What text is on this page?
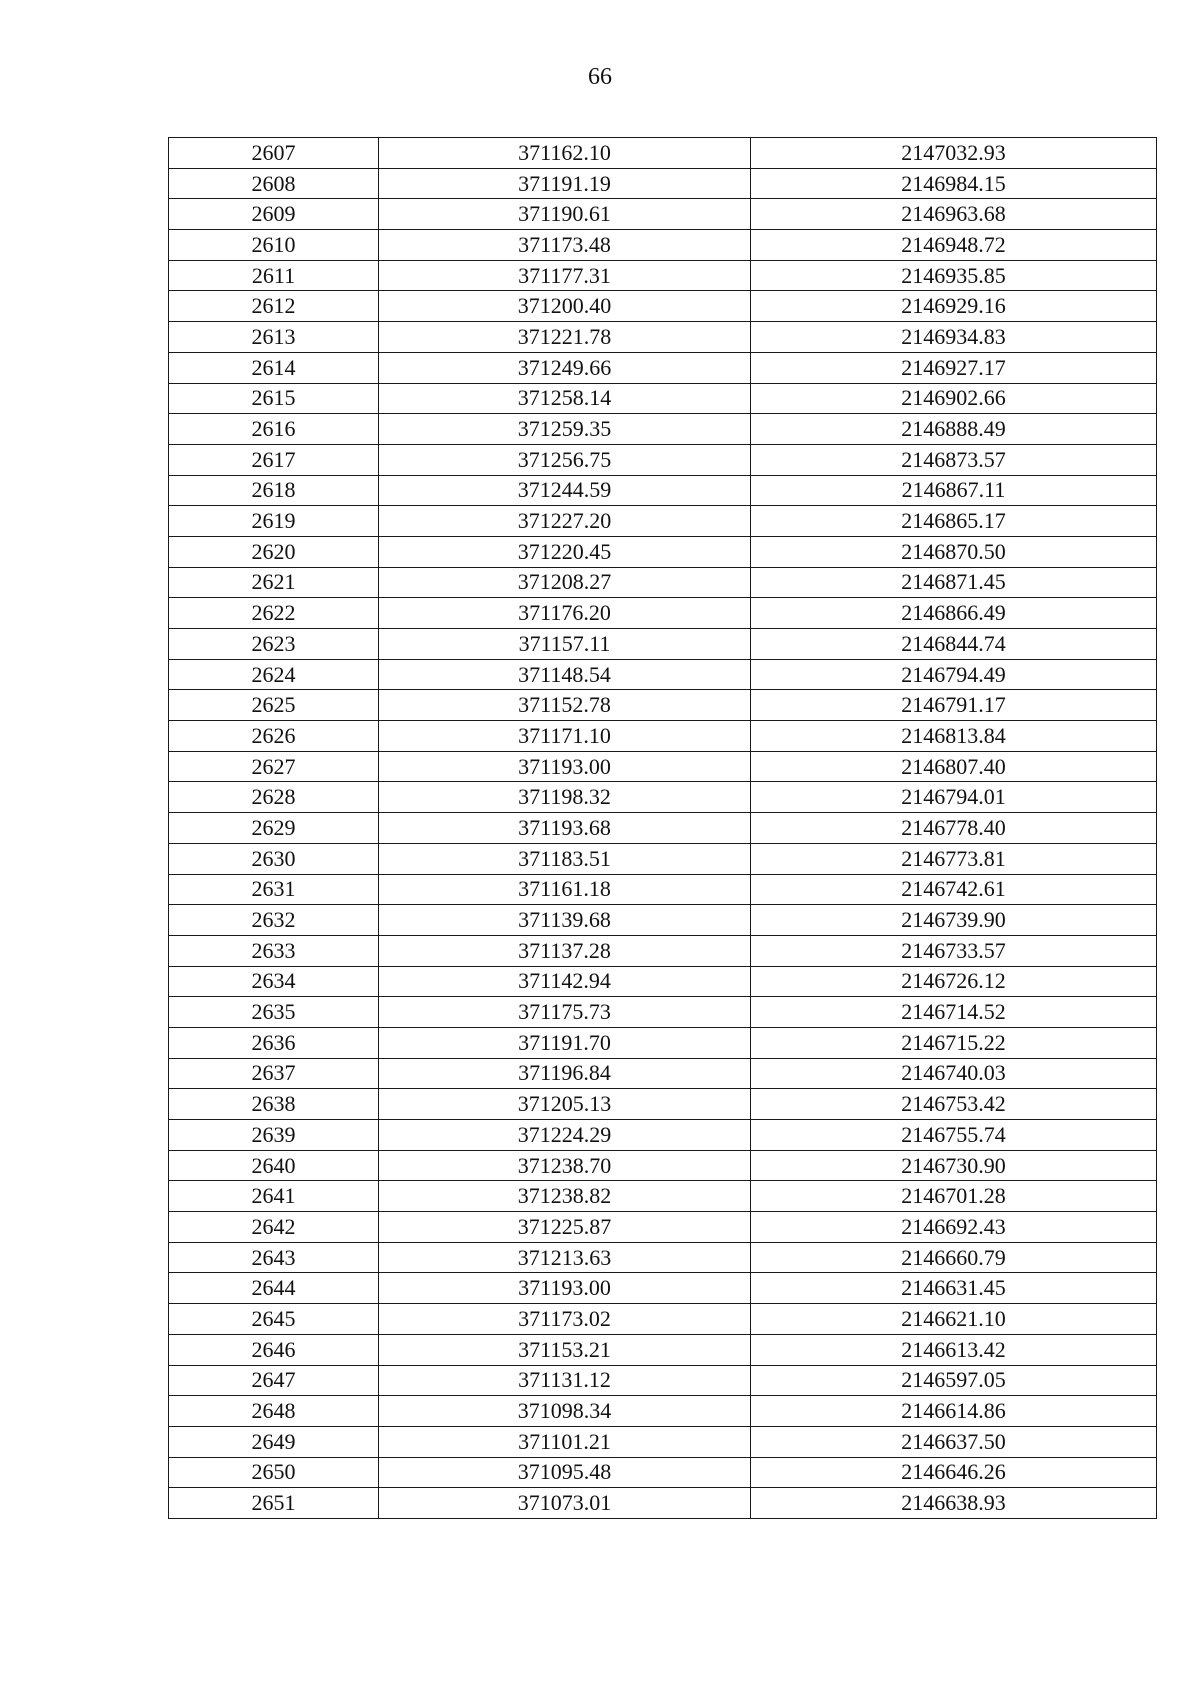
66
2607	371162.10	2147032.93
2608	371191.19	2146984.15
2609	371190.61	2146963.68
2610	371173.48	2146948.72
2611	371177.31	2146935.85
2612	371200.40	2146929.16
2613	371221.78	2146934.83
2614	371249.66	2146927.17
2615	371258.14	2146902.66
2616	371259.35	2146888.49
2617	371256.75	2146873.57
2618	371244.59	2146867.11
2619	371227.20	2146865.17
2620	371220.45	2146870.50
2621	371208.27	2146871.45
2622	371176.20	2146866.49
2623	371157.11	2146844.74
2624	371148.54	2146794.49
2625	371152.78	2146791.17
2626	371171.10	2146813.84
2627	371193.00	2146807.40
2628	371198.32	2146794.01
2629	371193.68	2146778.40
2630	371183.51	2146773.81
2631	371161.18	2146742.61
2632	371139.68	2146739.90
2633	371137.28	2146733.57
2634	371142.94	2146726.12
2635	371175.73	2146714.52
2636	371191.70	2146715.22
2637	371196.84	2146740.03
2638	371205.13	2146753.42
2639	371224.29	2146755.74
2640	371238.70	2146730.90
2641	371238.82	2146701.28
2642	371225.87	2146692.43
2643	371213.63	2146660.79
2644	371193.00	2146631.45
2645	371173.02	2146621.10
2646	371153.21	2146613.42
2647	371131.12	2146597.05
2648	371098.34	2146614.86
2649	371101.21	2146637.50
2650	371095.48	2146646.26
2651	371073.01	2146638.93
